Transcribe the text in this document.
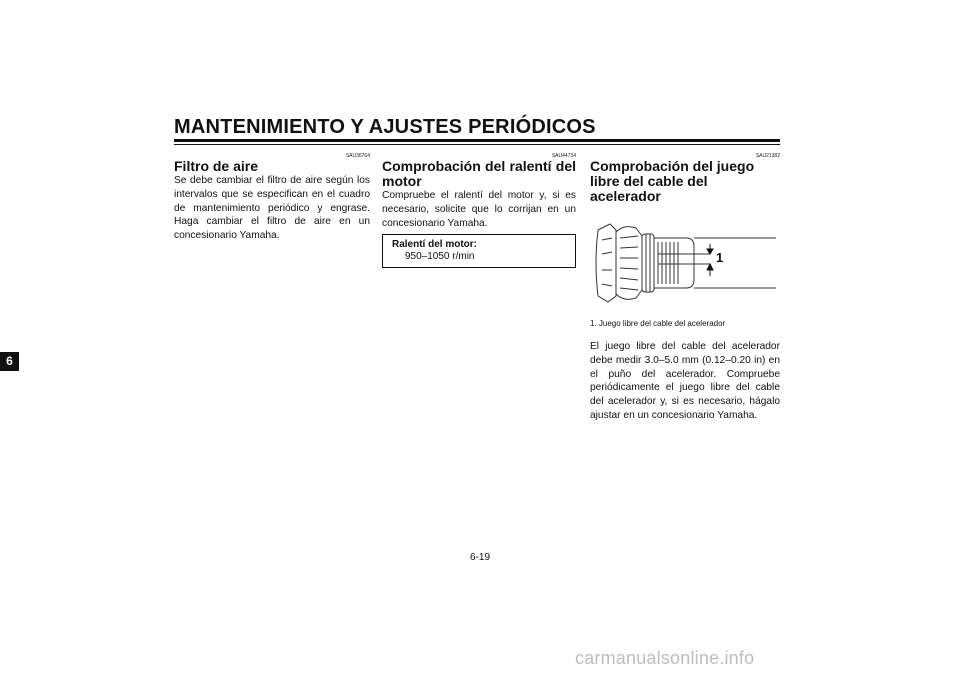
MANTENIMIENTO Y AJUSTES PERIÓDICOS
6
SAU36764
Filtro de aire
Se debe cambiar el filtro de aire según los intervalos que se especifican en el cuadro de mantenimiento periódico y engrase. Haga cambiar el filtro de aire en un concesionario Yamaha.
SAU44734
Comprobación del ralentí del motor
Compruebe el ralentí del motor y, si es necesario, solicite que lo corrijan en un concesionario Yamaha.
Ralentí del motor:
950–1050 r/min
SAU21382
Comprobación del juego libre del cable del acelerador
1
1. Juego libre del cable del acelerador
El juego libre del cable del acelerador debe medir 3.0–5.0 mm (0.12–0.20 in) en el puño del acelerador. Compruebe periódicamente el juego libre del cable del acelerador y, si es necesario, hágalo ajustar en un concesionario Yamaha.
6-19
carmanualsonline.info
